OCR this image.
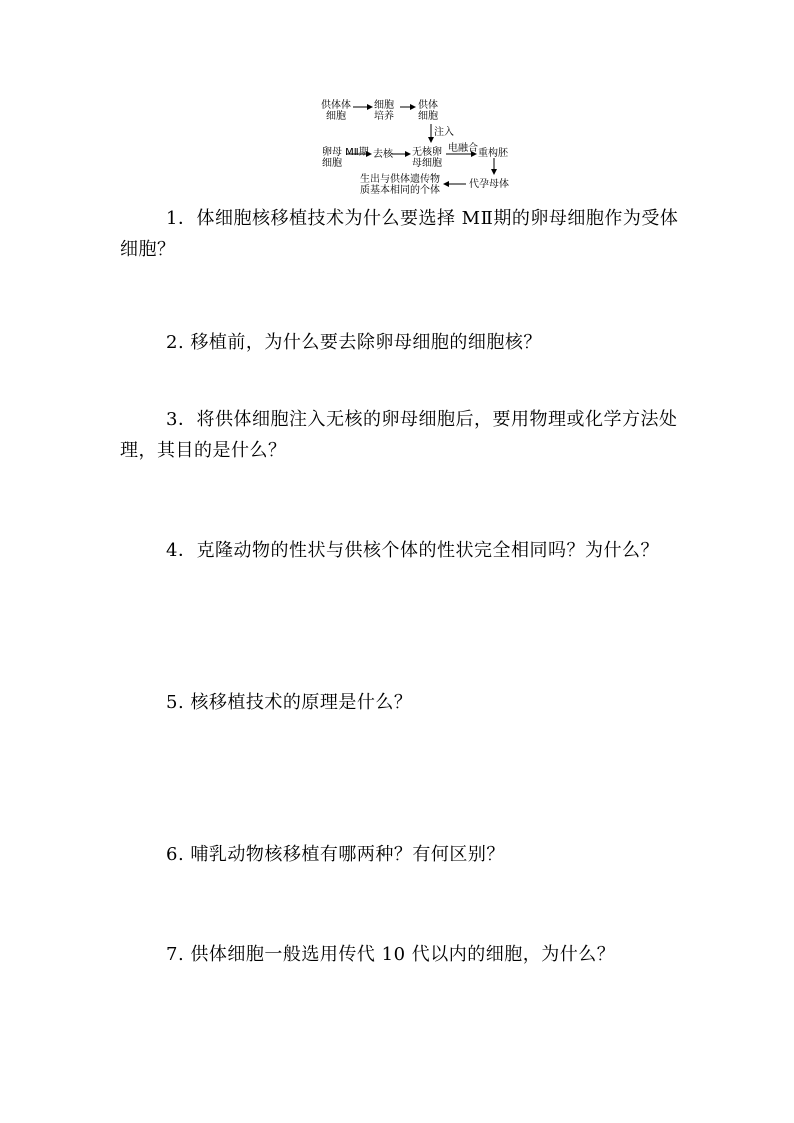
供体体
细胞
细胞
培养
供体
细胞
注入
卵母 MⅡ期
细胞
去核 无核卵
母细胞
电融合 重构胚
生出与供体遗传物
质基本相同的个体
代孕母体

1．体细胞核移植技术为什么要选择 MⅡ期的卵母细胞作为受体细胞？

2. 移植前，为什么要去除卵母细胞的细胞核？

3．将供体细胞注入无核的卵母细胞后，要用物理或化学方法处理，其目的是什么？

4．克隆动物的性状与供核个体的性状完全相同吗？为什么？

5. 核移植技术的原理是什么？

6. 哺乳动物核移植有哪两种？有何区别？

7. 供体细胞一般选用传代 10 代以内的细胞，为什么？
